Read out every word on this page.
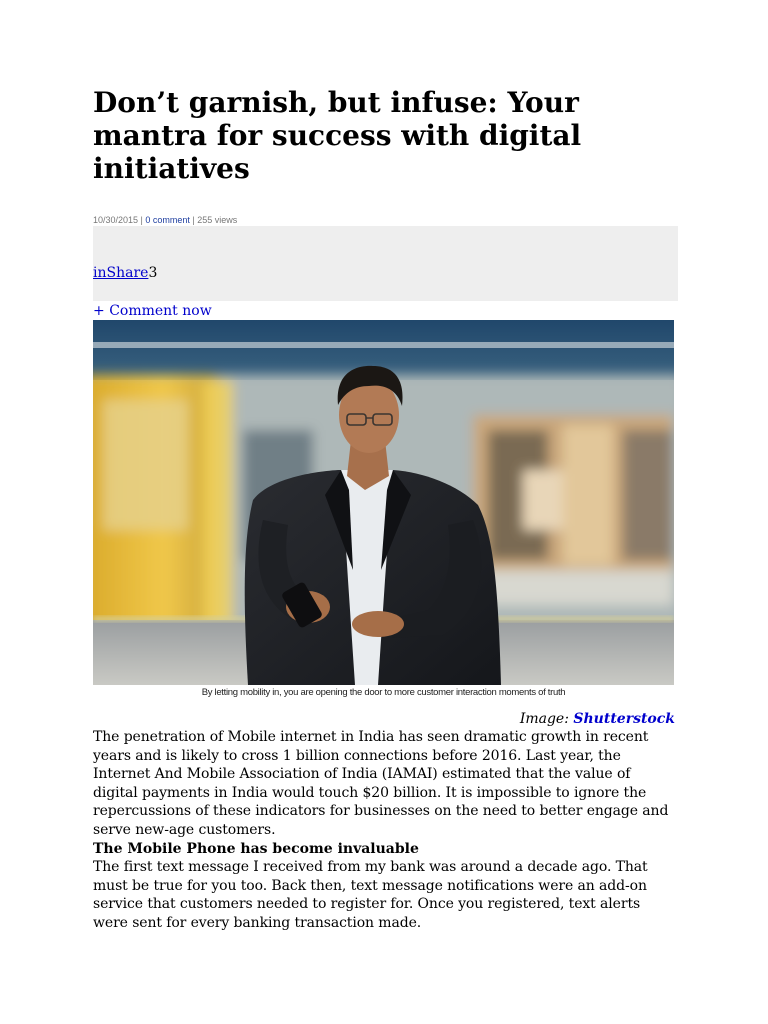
Don’t garnish, but infuse: Your mantra for success with digital initiatives
10/30/2015 | 0 comment | 255 views
inShare3
+ Comment now
By letting mobility in, you are opening the door to more customer interaction moments of truth
Image: Shutterstock

The penetration of Mobile internet in India has seen dramatic growth in recent years and is likely to cross 1 billion connections before 2016. Last year, the Internet And Mobile Association of India (IAMAI) estimated that the value of digital payments in India would touch $20 billion. It is impossible to ignore the repercussions of these indicators for businesses on the need to better engage and serve new-age customers.

The Mobile Phone has become invaluable

The first text message I received from my bank was around a decade ago. That must be true for you too. Back then, text message notifications were an add-on service that customers needed to register for. Once you registered, text alerts were sent for every banking transaction made.
